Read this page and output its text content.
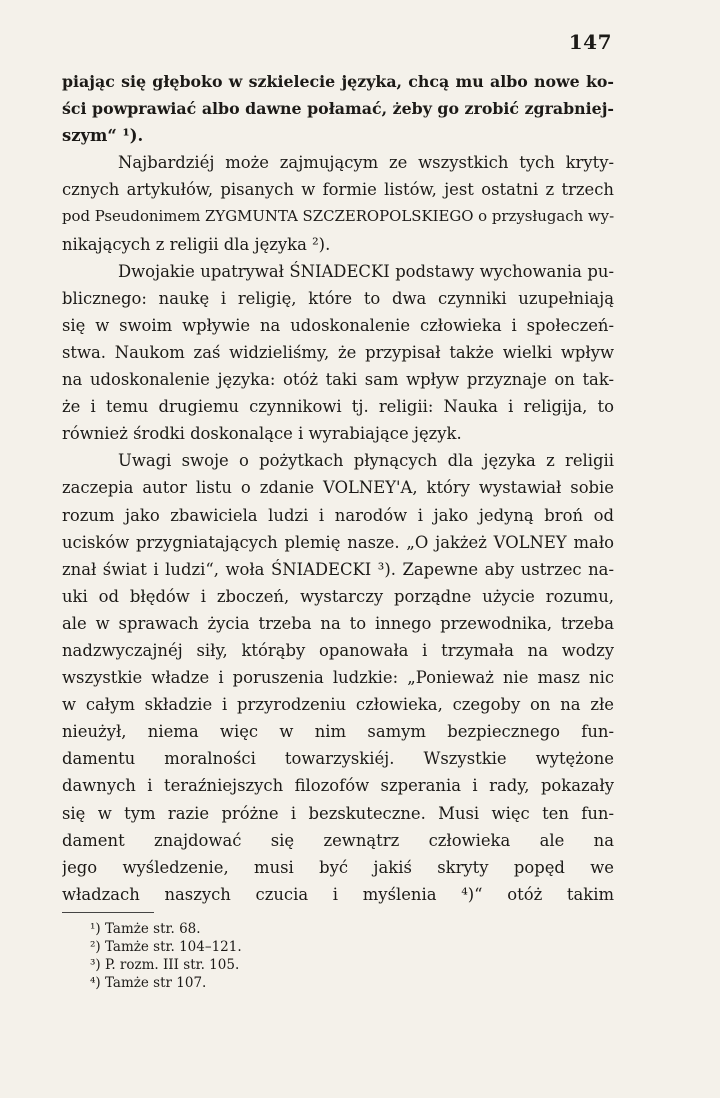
147
piając się głęboko w szkielecie języka, chcą mu albo nowe ko-
ści powprawiać albo dawne połamać, żeby go zrobić zgrabniej-
szym“ ¹).
Najbardziéj może zajmującym ze wszystkich tych kryty-
cznych artykułów, pisanych w formie listów, jest ostatni z trzech
pod Pseudonimem ZYGMUNTA SZCZEROPOLSKIEGO o przysługach wy-
nikających z religii dla języka ²).
Dwojakie upatrywał ŚNIADECKI podstawy wychowania pu-
blicznego: naukę i religię, które to dwa czynniki uzupełniają
się w swoim wpływie na udoskonalenie człowieka i społeczeń-
stwa. Naukom zaś widzieliśmy, że przypisał także wielki wpływ
na udoskonalenie języka: otóż taki sam wpływ przyznaje on tak-
że i temu drugiemu czynnikowi tj. religii: Nauka i religija, to
również środki doskonalące i wyrabiające język.
Uwagi swoje o pożytkach płynących dla języka z religii
zaczepia autor listu o zdanie VOLNEY'A, który wystawiał sobie
rozum jako zbawiciela ludzi i narodów i jako jedyną broń od
ucisków przygniatających plemię nasze. „O jakżeż VOLNEY mało
znał świat i ludzi“, woła ŚNIADECKI ³). Zapewne aby ustrzec na-
uki od błędów i zboczeń, wystarczy porządne użycie rozumu,
ale w sprawach życia trzeba na to innego przewodnika, trzeba
nadzwyczajnéj siły, którąby opanowała i trzymała na wodzy
wszystkie władze i poruszenia ludzkie: „Ponieważ nie masz nic
w całym składzie i przyrodzeniu człowieka, czegoby on na złe
nieużył, niema więc w nim samym bezpiecznego fun-
damentu moralności towarzyskiéj. Wszystkie wytężone
dawnych i teraźniejszych filozofów szperania i rady, pokazały
się w tym razie próżne i bezskuteczne. Musi więc ten fun-
dament znajdować się zewnątrz człowieka ale na
jego wyśledzenie, musi być jakiś skryty popęd we
władzach naszych czucia i myślenia ⁴)“ otóż takim
¹) Tamże str. 68.
²) Tamże str. 104–121.
³) P. rozm. III str. 105.
⁴) Tamże str 107.
